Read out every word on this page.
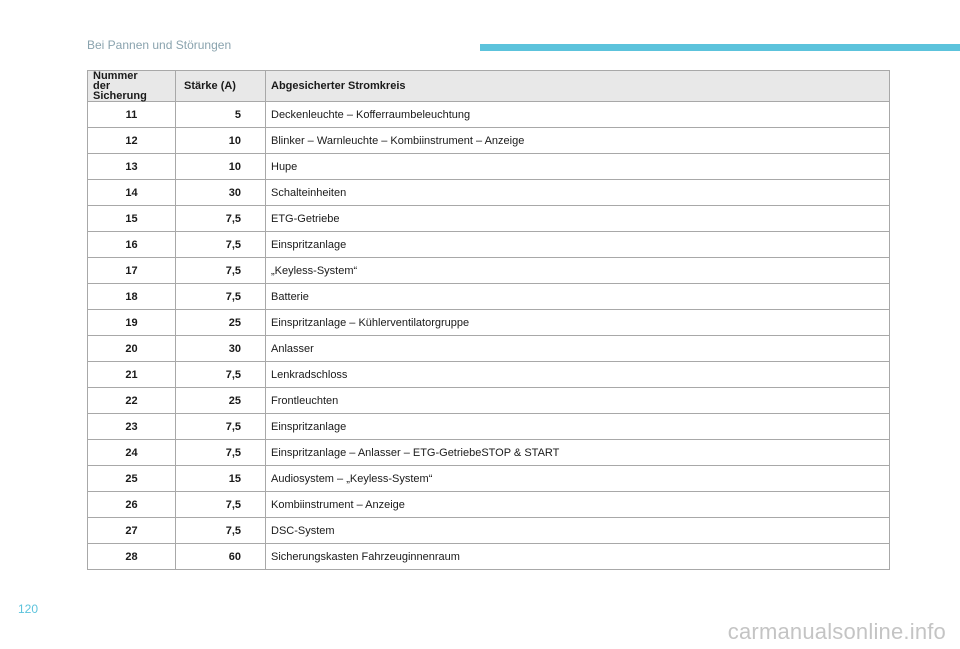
Bei Pannen und Störungen
Nummer der Sicherung	Stärke (A)	Abgesicherter Stromkreis
11	5	Deckenleuchte – Kofferraumbeleuchtung
12	10	Blinker – Warnleuchte – Kombiinstrument – Anzeige
13	10	Hupe
14	30	Schalteinheiten
15	7,5	ETG-Getriebe
16	7,5	Einspritzanlage
17	7,5	„Keyless-System“
18	7,5	Batterie
19	25	Einspritzanlage – Kühlerventilatorgruppe
20	30	Anlasser
21	7,5	Lenkradschloss
22	25	Frontleuchten
23	7,5	Einspritzanlage
24	7,5	Einspritzanlage – Anlasser – ETG-GetriebeSTOP & START
25	15	Audiosystem – „Keyless-System“
26	7,5	Kombiinstrument – Anzeige
27	7,5	DSC-System
28	60	Sicherungskasten Fahrzeuginnenraum
120
carmanualsonline.info
